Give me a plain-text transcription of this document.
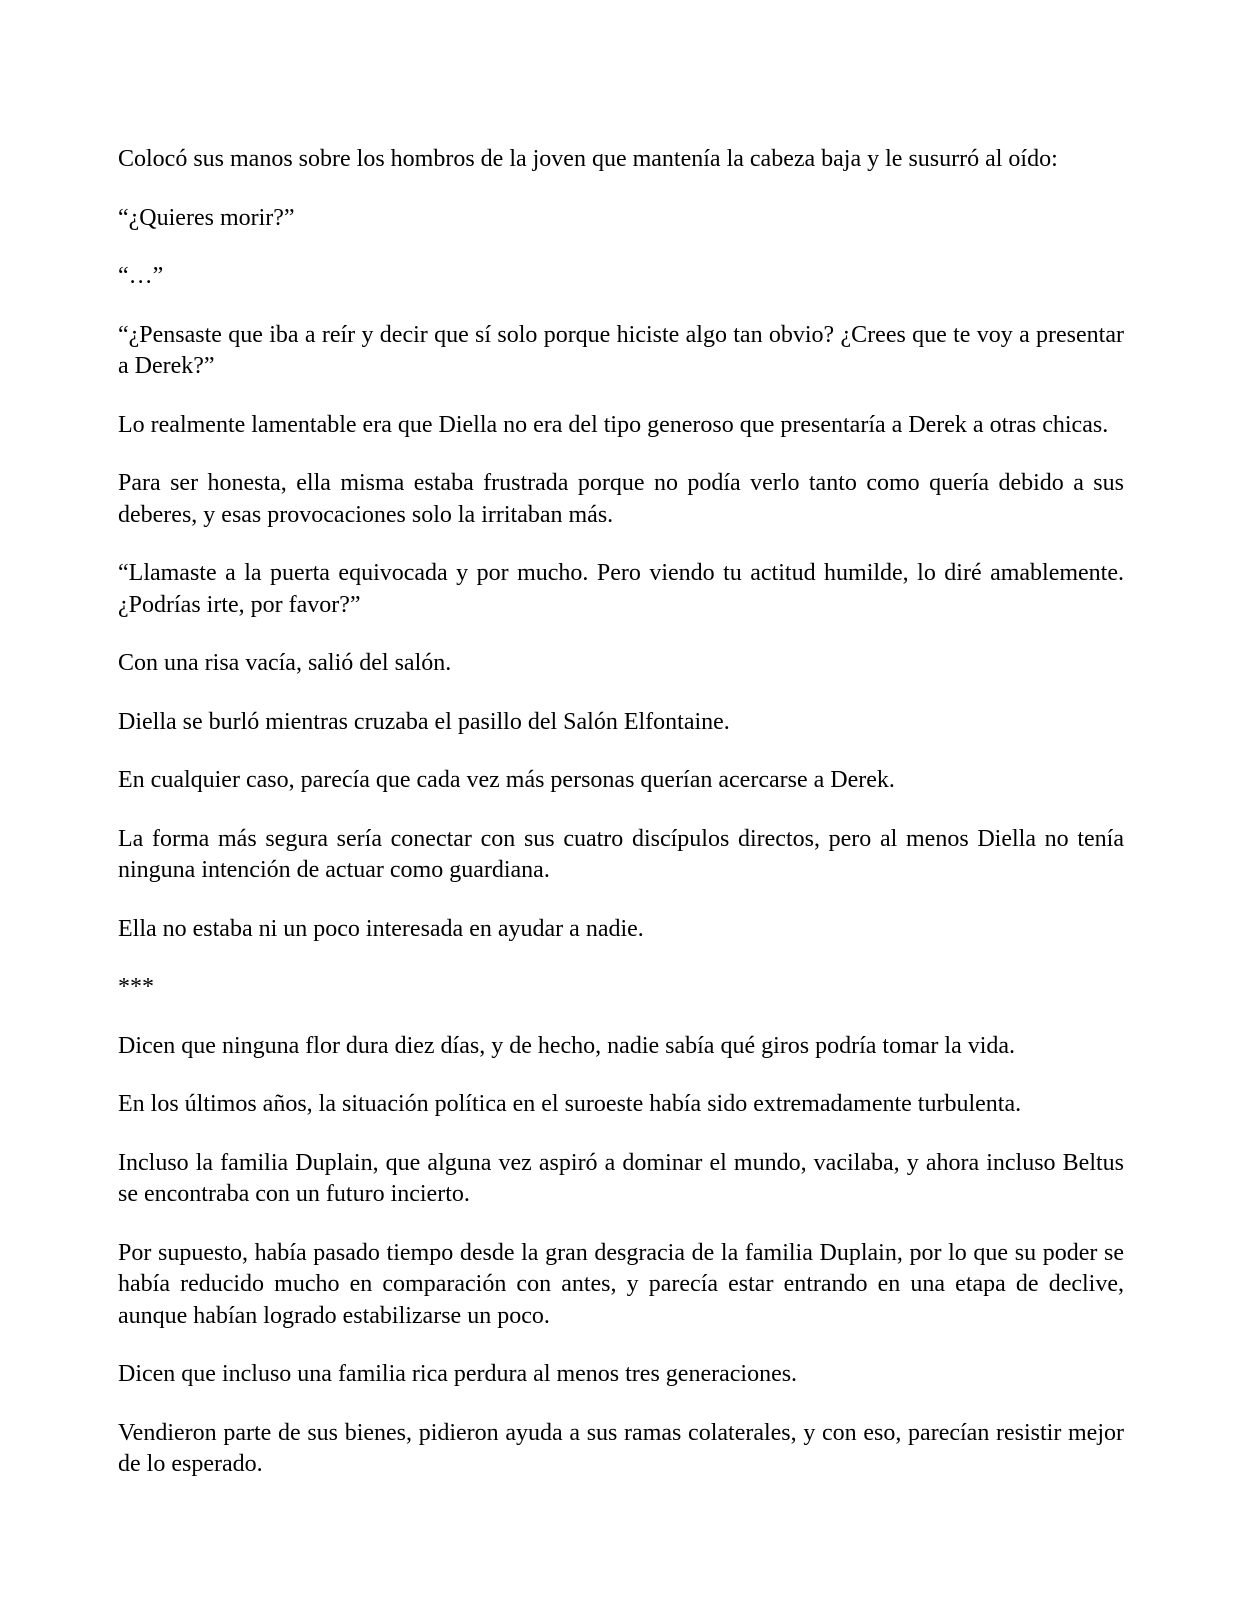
Colocó sus manos sobre los hombros de la joven que mantenía la cabeza baja y le susurró al oído:

“¿Quieres morir?”

“…”

“¿Pensaste que iba a reír y decir que sí solo porque hiciste algo tan obvio? ¿Crees que te voy a presentar a Derek?”

Lo realmente lamentable era que Diella no era del tipo generoso que presentaría a Derek a otras chicas.

Para ser honesta, ella misma estaba frustrada porque no podía verlo tanto como quería debido a sus deberes, y esas provocaciones solo la irritaban más.

“Llamaste a la puerta equivocada y por mucho. Pero viendo tu actitud humilde, lo diré amablemente. ¿Podrías irte, por favor?”

Con una risa vacía, salió del salón.

Diella se burló mientras cruzaba el pasillo del Salón Elfontaine.

En cualquier caso, parecía que cada vez más personas querían acercarse a Derek.

La forma más segura sería conectar con sus cuatro discípulos directos, pero al menos Diella no tenía ninguna intención de actuar como guardiana.

Ella no estaba ni un poco interesada en ayudar a nadie.

***

Dicen que ninguna flor dura diez días, y de hecho, nadie sabía qué giros podría tomar la vida.

En los últimos años, la situación política en el suroeste había sido extremadamente turbulenta.

Incluso la familia Duplain, que alguna vez aspiró a dominar el mundo, vacilaba, y ahora incluso Beltus se encontraba con un futuro incierto.

Por supuesto, había pasado tiempo desde la gran desgracia de la familia Duplain, por lo que su poder se había reducido mucho en comparación con antes, y parecía estar entrando en una etapa de declive, aunque habían logrado estabilizarse un poco.

Dicen que incluso una familia rica perdura al menos tres generaciones.

Vendieron parte de sus bienes, pidieron ayuda a sus ramas colaterales, y con eso, parecían resistir mejor de lo esperado.
